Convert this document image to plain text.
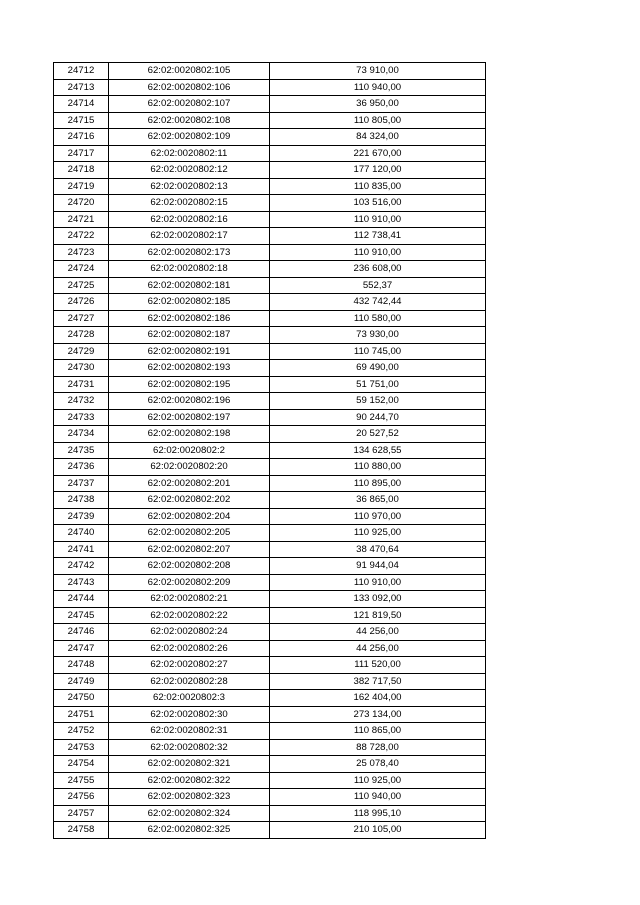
24712	62:02:0020802:105	73 910,00
24713	62:02:0020802:106	110 940,00
24714	62:02:0020802:107	36 950,00
24715	62:02:0020802:108	110 805,00
24716	62:02:0020802:109	84 324,00
24717	62:02:0020802:11	221 670,00
24718	62:02:0020802:12	177 120,00
24719	62:02:0020802:13	110 835,00
24720	62:02:0020802:15	103 516,00
24721	62:02:0020802:16	110 910,00
24722	62:02:0020802:17	112 738,41
24723	62:02:0020802:173	110 910,00
24724	62:02:0020802:18	236 608,00
24725	62:02:0020802:181	552,37
24726	62:02:0020802:185	432 742,44
24727	62:02:0020802:186	110 580,00
24728	62:02:0020802:187	73 930,00
24729	62:02:0020802:191	110 745,00
24730	62:02:0020802:193	69 490,00
24731	62:02:0020802:195	51 751,00
24732	62:02:0020802:196	59 152,00
24733	62:02:0020802:197	90 244,70
24734	62:02:0020802:198	20 527,52
24735	62:02:0020802:2	134 628,55
24736	62:02:0020802:20	110 880,00
24737	62:02:0020802:201	110 895,00
24738	62:02:0020802:202	36 865,00
24739	62:02:0020802:204	110 970,00
24740	62:02:0020802:205	110 925,00
24741	62:02:0020802:207	38 470,64
24742	62:02:0020802:208	91 944,04
24743	62:02:0020802:209	110 910,00
24744	62:02:0020802:21	133 092,00
24745	62:02:0020802:22	121 819,50
24746	62:02:0020802:24	44 256,00
24747	62:02:0020802:26	44 256,00
24748	62:02:0020802:27	111 520,00
24749	62:02:0020802:28	382 717,50
24750	62:02:0020802:3	162 404,00
24751	62:02:0020802:30	273 134,00
24752	62:02:0020802:31	110 865,00
24753	62:02:0020802:32	88 728,00
24754	62:02:0020802:321	25 078,40
24755	62:02:0020802:322	110 925,00
24756	62:02:0020802:323	110 940,00
24757	62:02:0020802:324	118 995,10
24758	62:02:0020802:325	210 105,00
